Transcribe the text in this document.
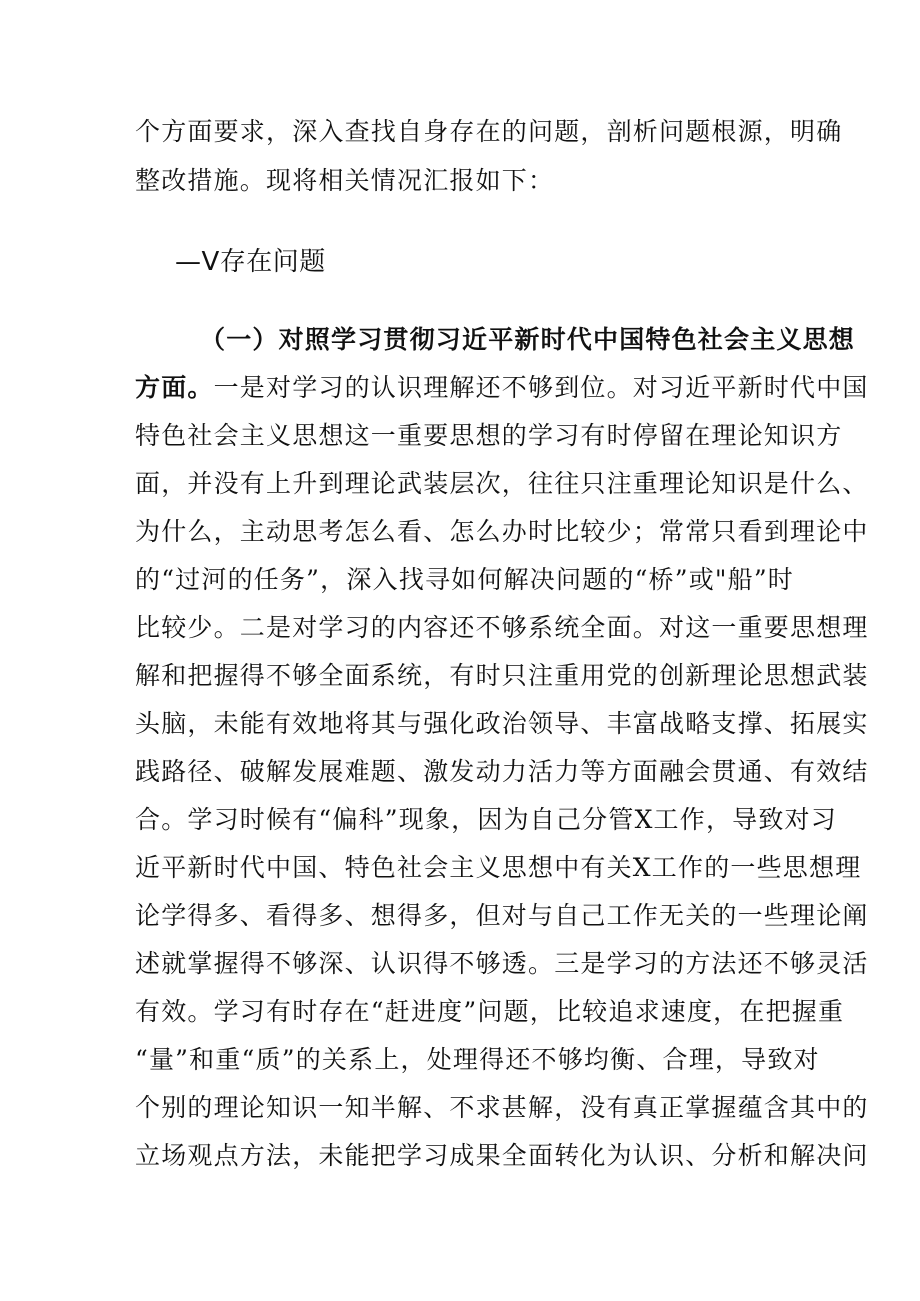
个方面要求，深入查找自身存在的问题，剖析问题根源，明确
整改措施。现将相关情况汇报如下：
—V存在问题
（一）对照学习贯彻习近平新时代中国特色社会主义思想
方面。一是对学习的认识理解还不够到位。对习近平新时代中国
特色社会主义思想这一重要思想的学习有时停留在理论知识方
面，并没有上升到理论武装层次，往往只注重理论知识是什么、
为什么，主动思考怎么看、怎么办时比较少；常常只看到理论中
的“过河的任务”，深入找寻如何解决问题的“桥”或"船”时
比较少。二是对学习的内容还不够系统全面。对这一重要思想理
解和把握得不够全面系统，有时只注重用党的创新理论思想武装
头脑，未能有效地将其与强化政治领导、丰富战略支撑、拓展实
践路径、破解发展难题、激发动力活力等方面融会贯通、有效结
合。学习时候有“偏科”现象，因为自己分管X工作，导致对习
近平新时代中国、特色社会主义思想中有关X工作的一些思想理
论学得多、看得多、想得多，但对与自己工作无关的一些理论阐
述就掌握得不够深、认识得不够透。三是学习的方法还不够灵活
有效。学习有时存在“赶进度”问题，比较追求速度，在把握重
“量”和重“质”的关系上，处理得还不够均衡、合理，导致对
个别的理论知识一知半解、不求甚解，没有真正掌握蕴含其中的
立场观点方法，未能把学习成果全面转化为认识、分析和解决问
